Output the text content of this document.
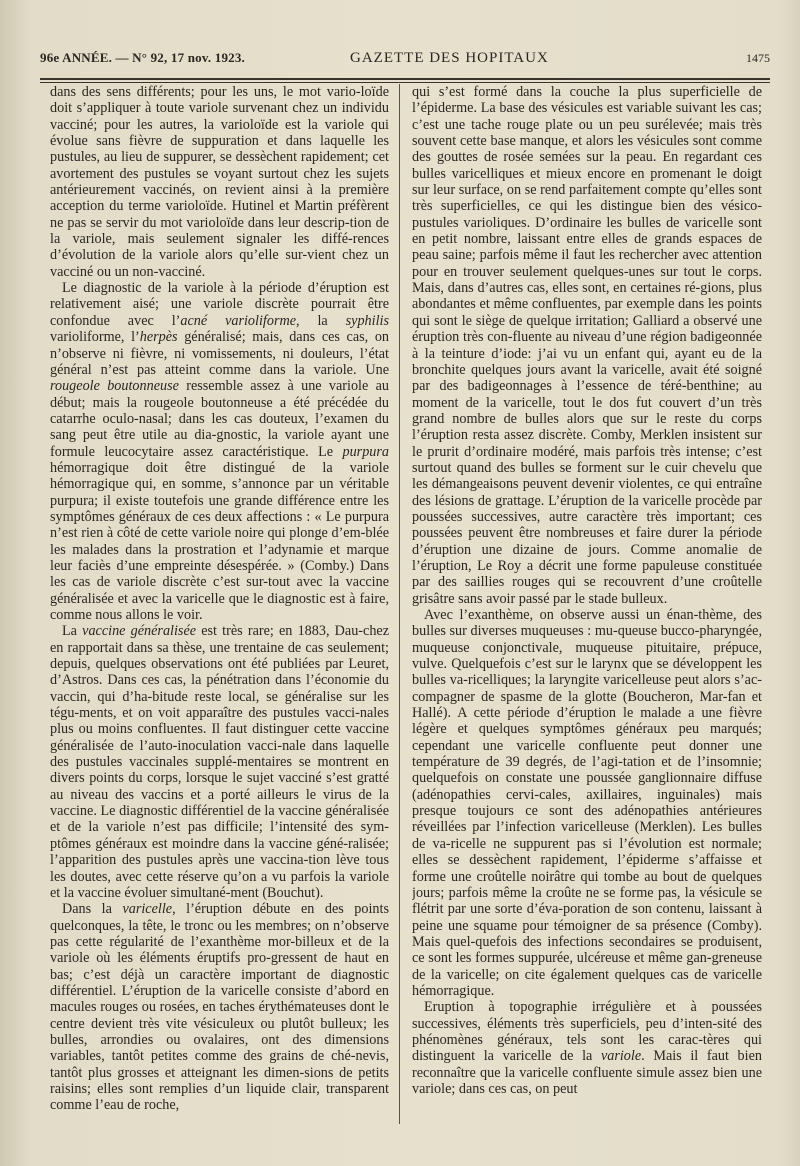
96e ANNÉE. — N° 92, 17 nov. 1923.	GAZETTE DES HOPITAUX	1475

dans des sens différents; pour les uns, le mot vario-loïde doit s’appliquer à toute variole survenant chez un individu vacciné; pour les autres, la varioloïde est la variole qui évolue sans fièvre de suppuration et dans laquelle les pustules, au lieu de suppurer, se dessèchent rapidement; cet avortement des pustules se voyant surtout chez les sujets antérieurement vaccinés, on revient ainsi à la première acception du terme varioloïde. Hutinel et Martin préfèrent ne pas se servir du mot varioloïde dans leur descrip-tion de la variole, mais seulement signaler les diffé-rences d’évolution de la variole alors qu’elle sur-vient chez un vacciné ou un non-vacciné.

Le diagnostic de la variole à la période d’éruption est relativement aisé; une variole discrète pourrait être confondue avec l’acné varioliforme, la syphilis varioliforme, l’herpès généralisé; mais, dans ces cas, on n’observe ni fièvre, ni vomissements, ni douleurs, l’état général n’est pas atteint comme dans la variole. Une rougeole boutonneuse ressemble assez à une variole au début; mais la rougeole boutonneuse a été précédée du catarrhe oculo-nasal; dans les cas douteux, l’examen du sang peut être utile au dia-gnostic, la variole ayant une formule leucocytaire assez caractéristique. Le purpura hémorragique doit être distingué de la variole hémorragique qui, en somme, s’annonce par un véritable purpura; il existe toutefois une grande différence entre les symptômes généraux de ces deux affections : « Le purpura n’est rien à côté de cette variole noire qui plonge d’em-blée les malades dans la prostration et l’adynamie et marque leur faciès d’une empreinte désespérée. » (Comby.) Dans les cas de variole discrète c’est sur-tout avec la vaccine généralisée et avec la varicelle que le diagnostic est à faire, comme nous allons le voir.

La vaccine généralisée est très rare; en 1883, Dau-chez en rapportait dans sa thèse, une trentaine de cas seulement; depuis, quelques observations ont été publiées par Leuret, d’Astros. Dans ces cas, la pénétration dans l’économie du vaccin, qui d’ha-bitude reste local, se généralise sur les tégu-ments, et on voit apparaître des pustules vacci-nales plus ou moins confluentes. Il faut distinguer cette vaccine généralisée de l’auto-inoculation vacci-nale dans laquelle des pustules vaccinales supplé-mentaires se montrent en divers points du corps, lorsque le sujet vacciné s’est gratté au niveau des vaccins et a porté ailleurs le virus de la vaccine. Le diagnostic différentiel de la vaccine généralisée et de la variole n’est pas difficile; l’intensité des sym-ptômes généraux est moindre dans la vaccine géné-ralisée; l’apparition des pustules après une vaccina-tion lève tous les doutes, avec cette réserve qu’on a vu parfois la variole et la vaccine évoluer simultané-ment (Bouchut).

Dans la varicelle, l’éruption débute en des points quelconques, la tête, le tronc ou les membres; on n’observe pas cette régularité de l’exanthème mor-billeux et de la variole où les éléments éruptifs pro-gressent de haut en bas; c’est déjà un caractère important de diagnostic différentiel. L’éruption de la varicelle consiste d’abord en macules rouges ou rosées, en taches érythémateuses dont le centre devient très vite vésiculeux ou plutôt bulleux; les bulles, arrondies ou ovalaires, ont des dimensions variables, tantôt petites comme des grains de ché-nevis, tantôt plus grosses et atteignant les dimen-sions de petits raisins; elles sont remplies d’un liquide clair, transparent comme l’eau de roche,

qui s’est formé dans la couche la plus superficielle de l’épiderme. La base des vésicules est variable suivant les cas; c’est une tache rouge plate ou un peu surélevée; mais très souvent cette base manque, et alors les vésicules sont comme des gouttes de rosée semées sur la peau. En regardant ces bulles varicelliques et mieux encore en promenant le doigt sur leur surface, on se rend parfaitement compte qu’elles sont très superficielles, ce qui les distingue bien des vésico-pustules varioliques. D’ordinaire les bulles de varicelle sont en petit nombre, laissant entre elles de grands espaces de peau saine; parfois même il faut les rechercher avec attention pour en trouver seulement quelques-unes sur tout le corps. Mais, dans d’autres cas, elles sont, en certaines ré-gions, plus abondantes et même confluentes, par exemple dans les points qui sont le siège de quelque irritation; Galliard a observé une éruption très con-fluente au niveau d’une région badigeonnée à la teinture d’iode: j’ai vu un enfant qui, ayant eu de la bronchite quelques jours avant la varicelle, avait été soigné par des badigeonnages à l’essence de téré-benthine; au moment de la varicelle, tout le dos fut couvert d’un très grand nombre de bulles alors que sur le reste du corps l’éruption resta assez discrète. Comby, Merklen insistent sur le prurit d’ordinaire modéré, mais parfois très intense; c’est surtout quand des bulles se forment sur le cuir chevelu que les démangeaisons peuvent devenir violentes, ce qui entraîne des lésions de grattage. L’éruption de la varicelle procède par poussées successives, autre caractère très important; ces poussées peuvent être nombreuses et faire durer la période d’éruption une dizaine de jours. Comme anomalie de l’éruption, Le Roy a décrit une forme papuleuse constituée par des saillies rouges qui se recouvrent d’une croûtelle grisâtre sans avoir passé par le stade bulleux.

Avec l’exanthème, on observe aussi un énan-thème, des bulles sur diverses muqueuses : mu-queuse bucco-pharyngée, muqueuse conjonctivale, muqueuse pituitaire, prépuce, vulve. Quelquefois c’est sur le larynx que se développent les bulles va-ricelliques; la laryngite varicelleuse peut alors s’ac-compagner de spasme de la glotte (Boucheron, Mar-fan et Hallé). A cette période d’éruption le malade a une fièvre légère et quelques symptômes généraux peu marqués; cependant une varicelle confluente peut donner une température de 39 degrés, de l’agi-tation et de l’insomnie; quelquefois on constate une poussée ganglionnaire diffuse (adénopathies cervi-cales, axillaires, inguinales) mais presque toujours ce sont des adénopathies antérieures réveillées par l’infection varicelleuse (Merklen). Les bulles de va-ricelle ne suppurent pas si l’évolution est normale; elles se dessèchent rapidement, l’épiderme s’affaisse et forme une croûtelle noirâtre qui tombe au bout de quelques jours; parfois même la croûte ne se forme pas, la vésicule se flétrit par une sorte d’éva-poration de son contenu, laissant à peine une squame pour témoigner de sa présence (Comby). Mais quel-quefois des infections secondaires se produisent, ce sont les formes suppurée, ulcéreuse et même gan-greneuse de la varicelle; on cite également quelques cas de varicelle hémorragique.

Eruption à topographie irrégulière et à poussées successives, éléments très superficiels, peu d’inten-sité des phénomènes généraux, tels sont les carac-tères qui distinguent la varicelle de la variole. Mais il faut bien reconnaître que la varicelle confluente simule assez bien une variole; dans ces cas, on peut
